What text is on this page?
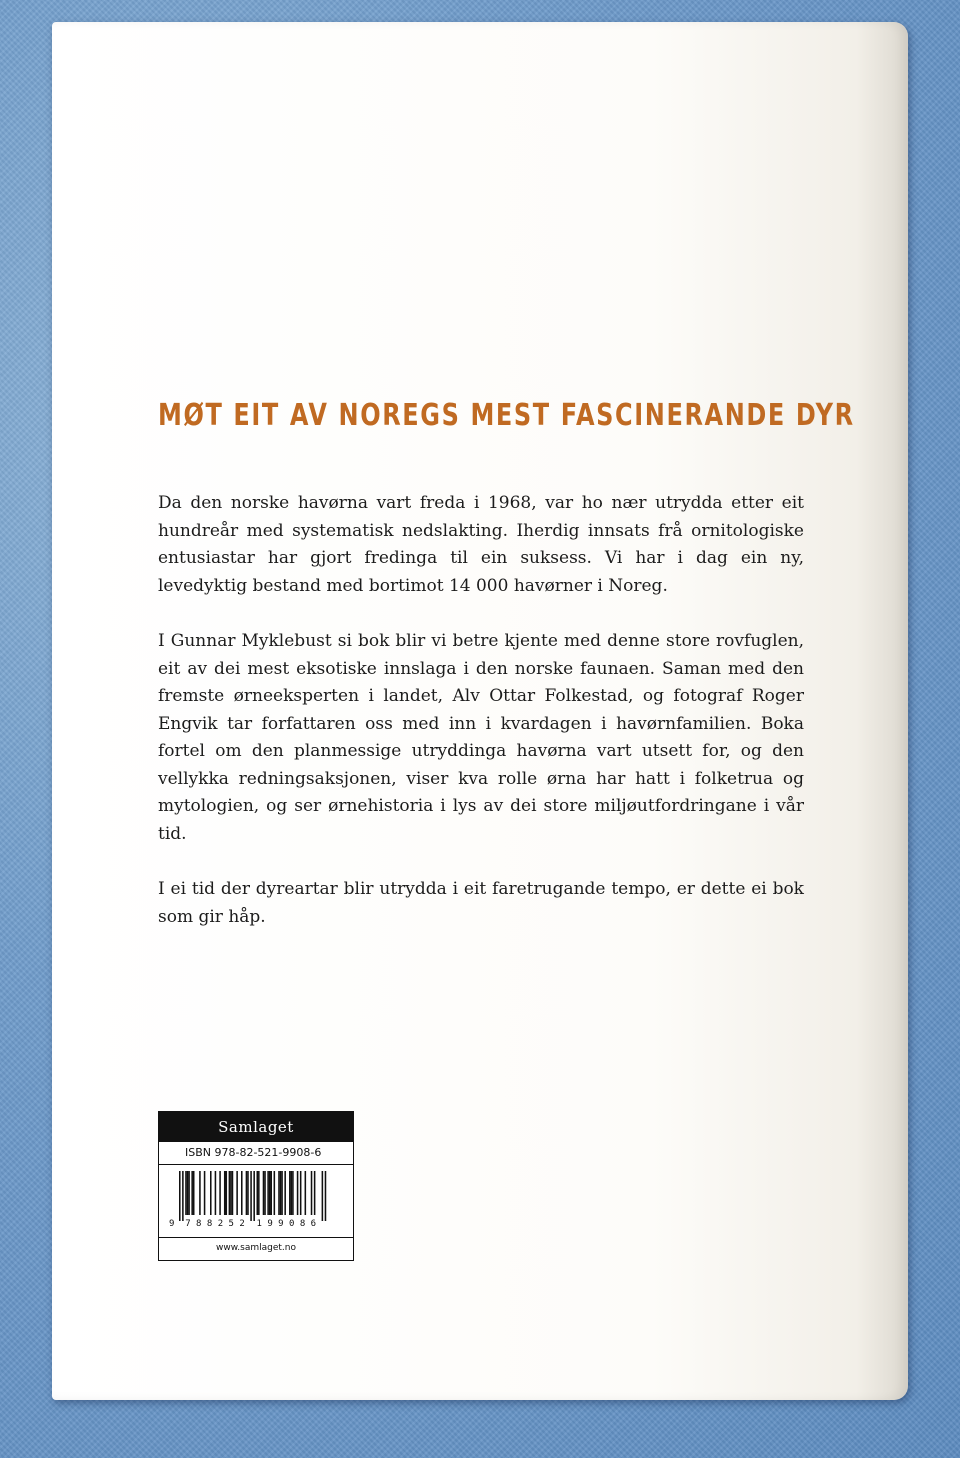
MØT EIT AV NOREGS MEST FASCINERANDE DYR

Da den norske havørna vart freda i 1968, var ho nær utrydda etter eit hundreår med systematisk nedslakting. Iherdig innsats frå ornitologiske entusiastar har gjort fredinga til ein suksess. Vi har i dag ein ny, levedyktig bestand med bortimot 14 000 havørner i Noreg.

I Gunnar Myklebust si bok blir vi betre kjente med denne store rovfuglen, eit av dei mest eksotiske innslaga i den norske faunaen. Saman med den fremste ørneeksperten i landet, Alv Ottar Folkestad, og fotograf Roger Engvik tar forfattaren oss med inn i kvardagen i havørnfamilien. Boka fortel om den planmessige utryddinga havørna vart utsett for, og den vellykka redningsaksjonen, viser kva rolle ørna har hatt i folketrua og mytologien, og ser ørnehistoria i lys av dei store miljøutfordringane i vår tid.

I ei tid der dyreartar blir utrydda i eit faretrugande tempo, er dette ei bok som gir håp.

Samlaget
ISBN 978-82-521-9908-6
9 7 8 8 2 5 2 1 9 9 0 8 6
www.samlaget.no
